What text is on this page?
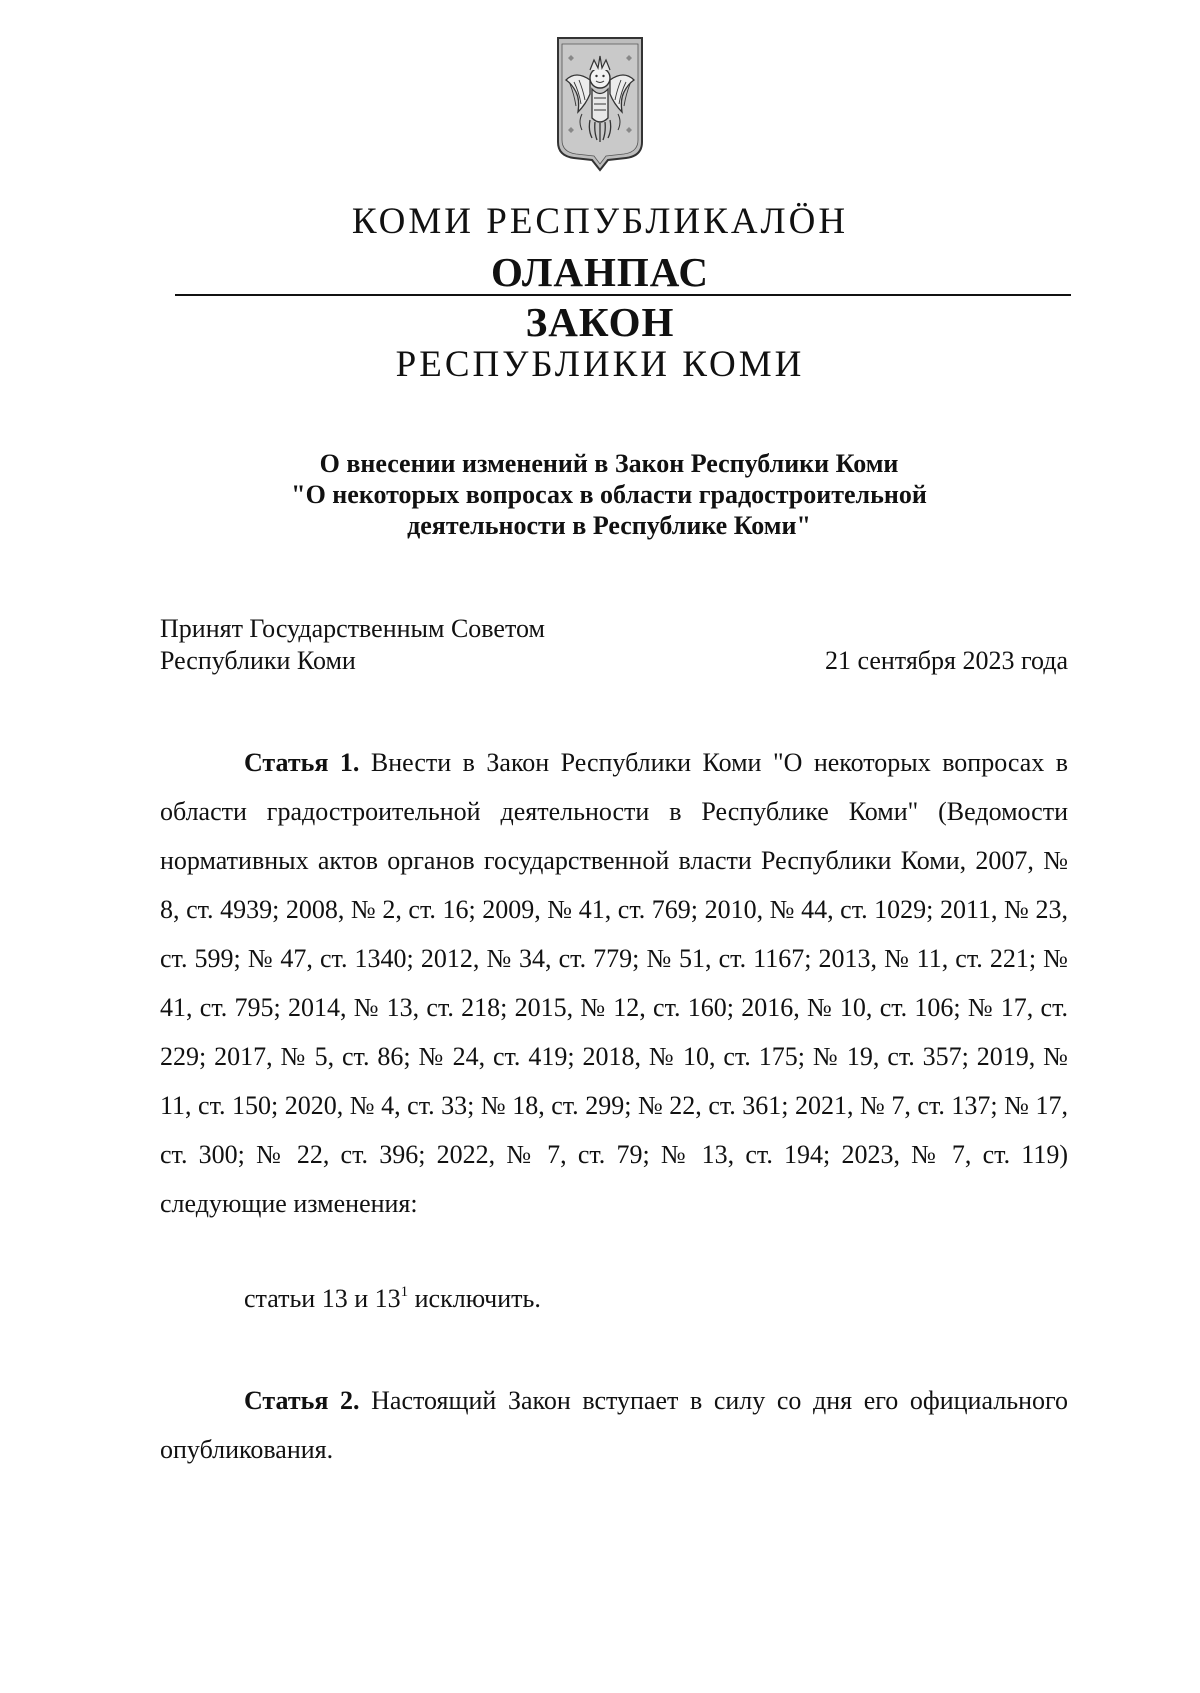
КОМИ РЕСПУБЛИКАЛӦН
ОЛАНПАС
ЗАКОН
РЕСПУБЛИКИ КОМИ
О внесении изменений в Закон Республики Коми
"О некоторых вопросах в области градостроительной
деятельности в Республике Коми"
Принят Государственным Советом
Республики Коми	21 сентября 2023 года
Статья 1. Внести в Закон Республики Коми "О некоторых вопросах в области градостроительной деятельности в Республике Коми" (Ведомости нормативных актов органов государственной власти Республики Коми, 2007, № 8, ст. 4939; 2008, № 2, ст. 16; 2009, № 41, ст. 769; 2010, № 44, ст. 1029; 2011, № 23, ст. 599; № 47, ст. 1340; 2012, № 34, ст. 779; № 51, ст. 1167; 2013, № 11, ст. 221; № 41, ст. 795; 2014, № 13, ст. 218; 2015, № 12, ст. 160; 2016, № 10, ст. 106; № 17, ст. 229; 2017, № 5, ст. 86; № 24, ст. 419; 2018, № 10, ст. 175; № 19, ст. 357; 2019, № 11, ст. 150; 2020, № 4, ст. 33; № 18, ст. 299; № 22, ст. 361; 2021, № 7, ст. 137; № 17, ст. 300; № 22, ст. 396; 2022, № 7, ст. 79; № 13, ст. 194; 2023, № 7, ст. 119) следующие изменения:
статьи 13 и $13^1$ исключить.
Статья 2. Настоящий Закон вступает в силу со дня его официального опубликования.
